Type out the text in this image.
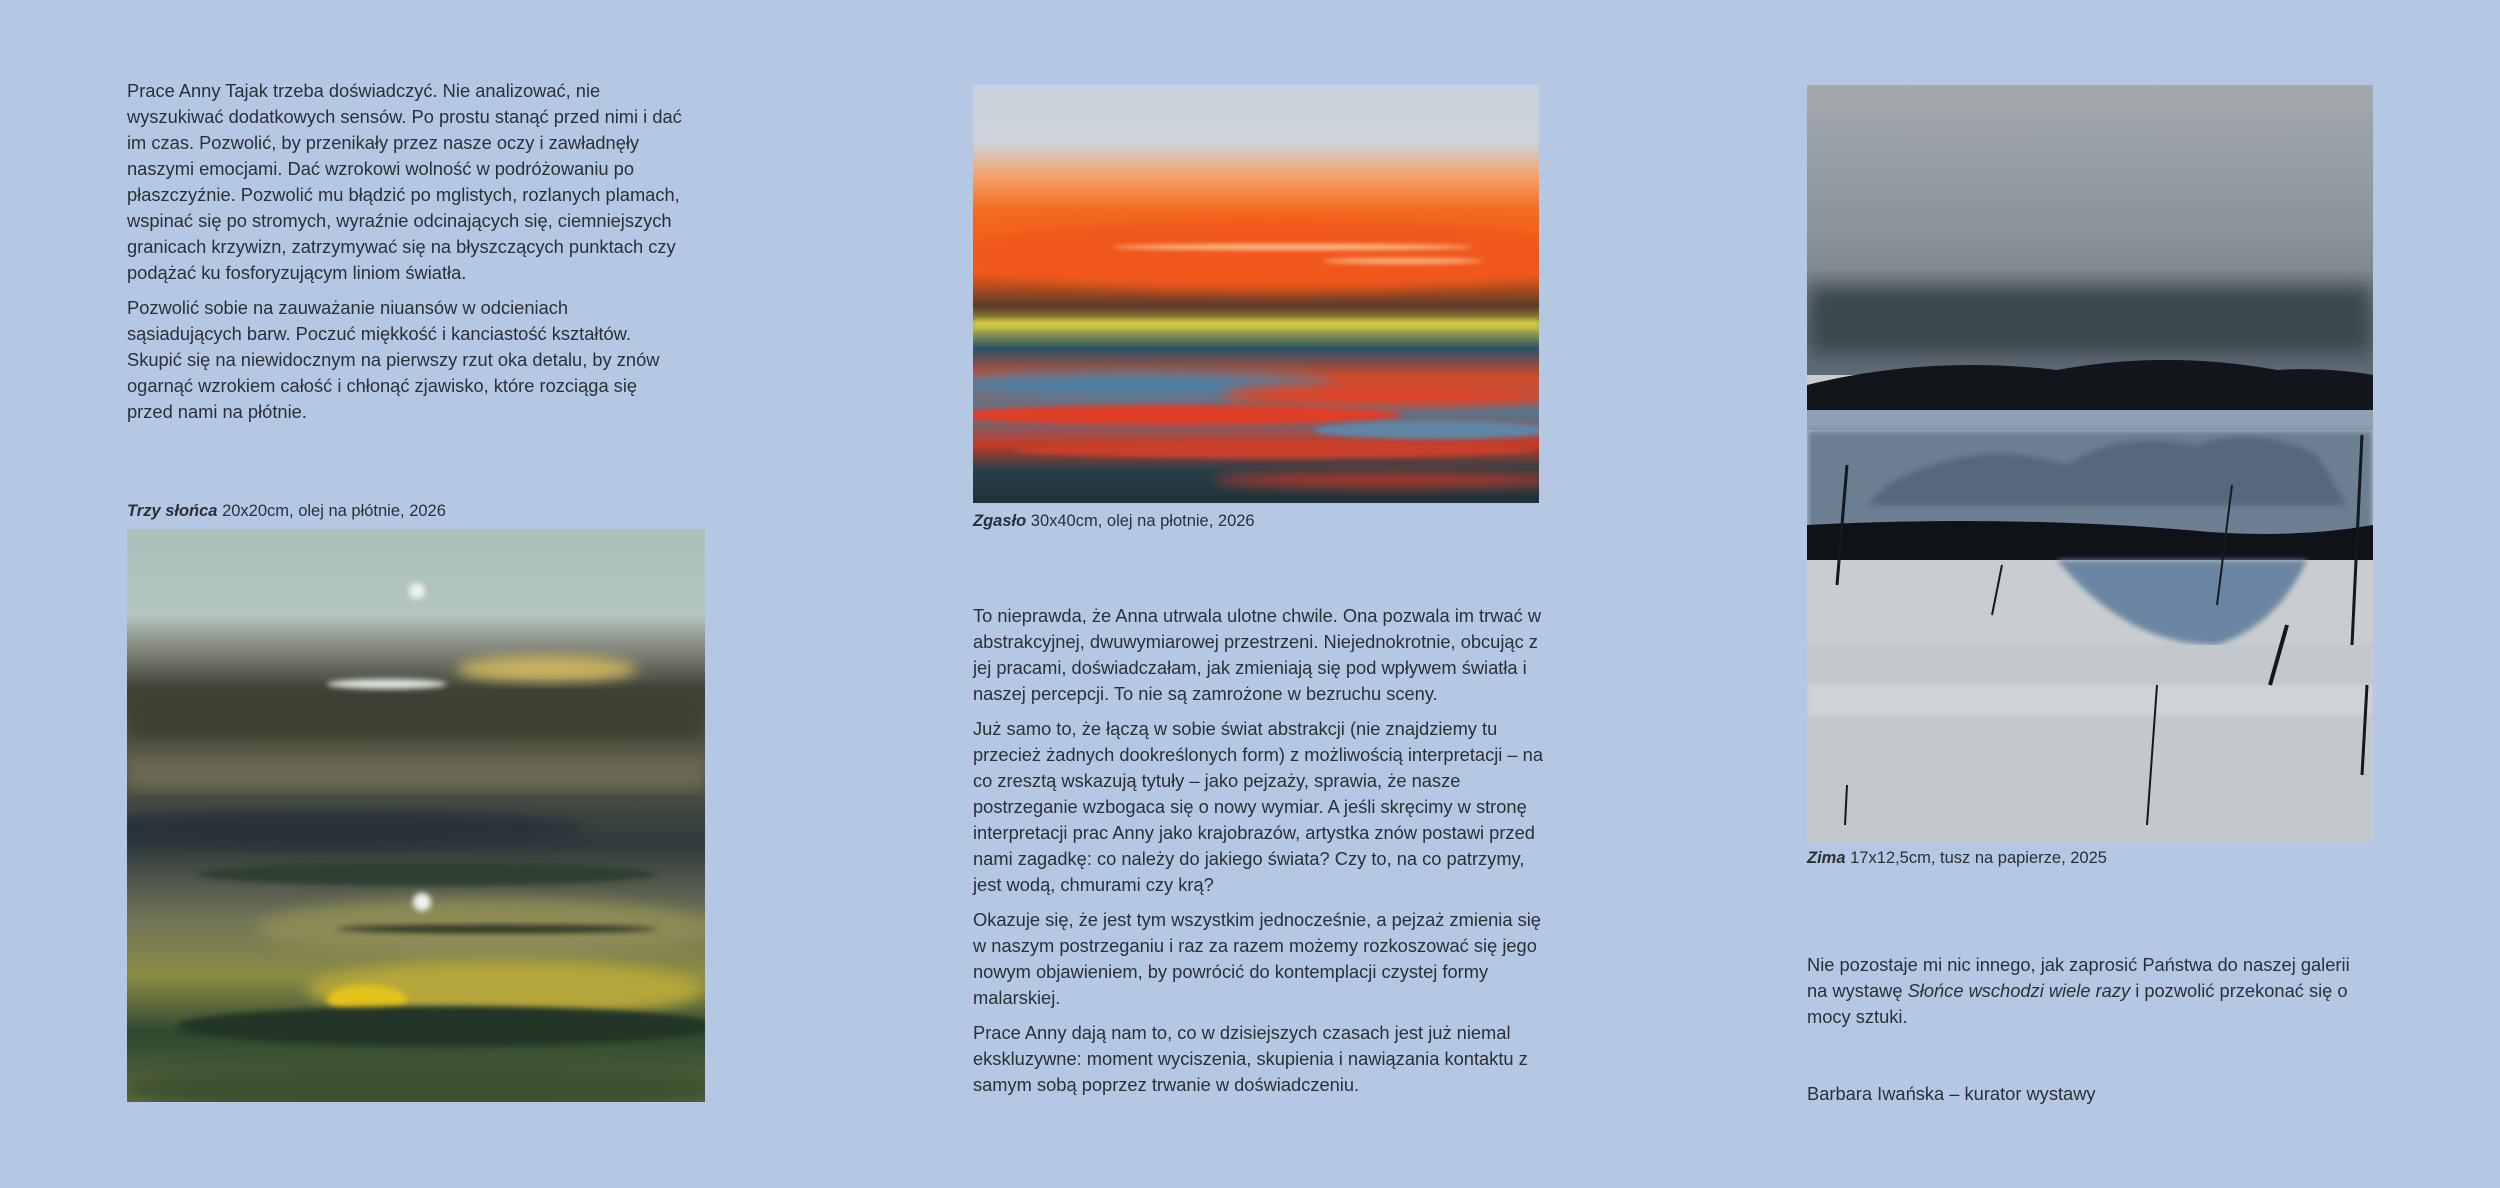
Prace Anny Tajak trzeba doświadczyć. Nie analizować, nie wyszukiwać dodatkowych sensów. Po prostu stanąć przed nimi i dać im czas. Pozwolić, by przenikały przez nasze oczy i zawładnęły naszymi emocjami. Dać wzrokowi wolność w podróżowaniu po płaszczyźnie. Pozwolić mu błądzić po mglistych, rozlanych plamach, wspinać się po stromych, wyraźnie odcinających się, ciemniejszych granicach krzywizn, zatrzymywać się na błyszczących punktach czy podążać ku fosforyzującym liniom światła.

Pozwolić sobie na zauważanie niuansów w odcieniach sąsiadujących barw. Poczuć miękkość i kanciastość kształtów. Skupić się na niewidocznym na pierwszy rzut oka detalu, by znów ogarnąć wzrokiem całość i chłonąć zjawisko, które rozciąga się przed nami na płótnie.

Trzy słońca 20x20cm, olej na płótnie, 2026
Zgasło 30x40cm, olej na płotnie, 2026

To nieprawda, że Anna utrwala ulotne chwile. Ona pozwala im trwać w abstrakcyjnej, dwuwymiarowej przestrzeni. Niejednokrotnie, obcując z jej pracami, doświadczałam, jak zmieniają się pod wpływem światła i naszej percepcji. To nie są zamrożone w bezruchu sceny.

Już samo to, że łączą w sobie świat abstrakcji (nie znajdziemy tu przecież żadnych dookreślonych form) z możliwością interpretacji – na co zresztą wskazują tytuły – jako pejzaży, sprawia, że nasze postrzeganie wzbogaca się o nowy wymiar. A jeśli skręcimy w stronę interpretacji prac Anny jako krajobrazów, artystka znów postawi przed nami zagadkę: co należy do jakiego świata? Czy to, na co patrzymy, jest wodą, chmurami czy krą?

Okazuje się, że jest tym wszystkim jednocześnie, a pejzaż zmienia się w naszym postrzeganiu i raz za razem możemy rozkoszować się jego nowym objawieniem, by powrócić do kontemplacji czystej formy malarskiej.

Prace Anny dają nam to, co w dzisiejszych czasach jest już niemal ekskluzywne: moment wyciszenia, skupienia i nawiązania kontaktu z samym sobą poprzez trwanie w doświadczeniu.

Zima 17x12,5cm, tusz na papierze, 2025

Nie pozostaje mi nic innego, jak zaprosić Państwa do naszej galerii na wystawę Słońce wschodzi wiele razy i pozwolić przekonać się o mocy sztuki.

Barbara Iwańska – kurator wystawy
